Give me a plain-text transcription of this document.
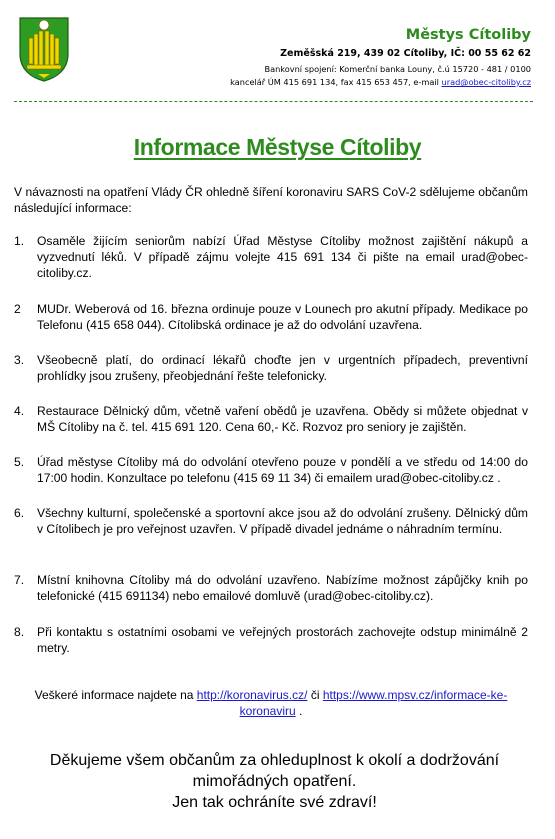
Městys Cítoliby
Zeměšská 219, 439 02 Cítoliby, IČ: 00 55 62 62
Bankovní spojení: Komerční banka Louny, č.ú 15720 - 481 / 0100
kancelář ÚM 415 691 134, fax 415 653 457, e-mail urad@obec-citoliby.cz
Informace Městyse Cítoliby
V návaznosti na opatření Vlády ČR ohledně šíření koronaviru SARS CoV-2 sdělujeme občanům následující informace:
1.	Osaměle žijícím seniorům nabízí Úřad Městyse Cítoliby možnost zajištění nákupů a vyzvednutí léků. V případě zájmu volejte 415 691 134 či pište na email urad@obec-citoliby.cz.
2	MUDr. Weberová od 16. března ordinuje pouze v Lounech pro akutní případy. Medikace po Telefonu (415 658 044). Cítolibská ordinace je až do odvolání uzavřena.
3.	Všeobecně platí, do ordinací lékařů choďte jen v urgentních případech, preventivní prohlídky jsou zrušeny, přeobjednání řešte telefonicky.
4.	Restaurace Dělnický dům, včetně vaření obědů je uzavřena. Obědy si můžete objednat v MŠ Cítoliby na č. tel. 415 691 120. Cena 60,- Kč. Rozvoz pro seniory je zajištěn.
5.	Úřad městyse Cítoliby má do odvolání otevřeno pouze v pondělí a ve středu od 14:00 do 17:00 hodin. Konzultace po telefonu (415 69 11 34) či emailem urad@obec-citoliby.cz .
6.	Všechny kulturní, společenské a sportovní akce jsou až do odvolání zrušeny. Dělnický dům v Cítolibech je pro veřejnost uzavřen. V případě divadel jednáme o náhradním termínu.
7.	Místní knihovna Cítoliby má do odvolání uzavřeno. Nabízíme možnost zápůjčky knih po telefonické (415 691134) nebo emailové domluvě (urad@obec-citoliby.cz).
8.	Při kontaktu s ostatními osobami ve veřejných prostorách zachovejte odstup minimálně 2 metry.
Veškeré informace najdete na http://koronavirus.cz/ či https://www.mpsv.cz/informace-ke-koronaviru .
Děkujeme všem občanům za ohleduplnost k okolí a dodržování mimořádných opatření.
Jen tak ochráníte své zdraví!
